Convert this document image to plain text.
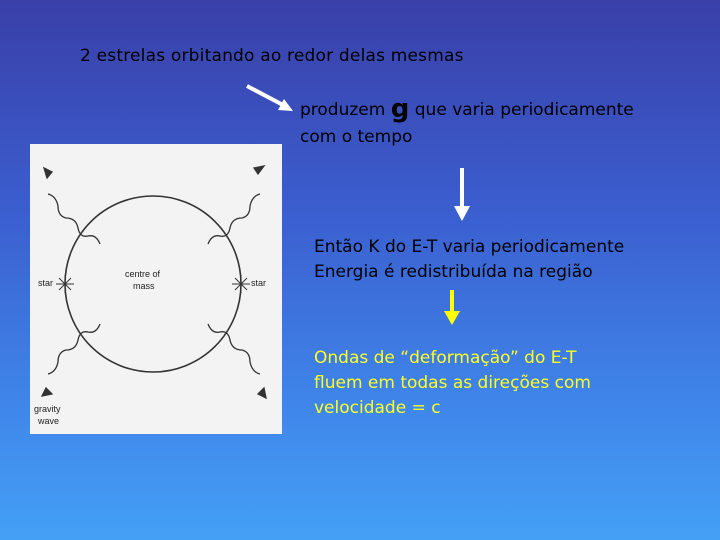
2 estrelas orbitando ao redor delas mesmas
produzem g que varia periodicamente
com o tempo
Então K do E-T varia periodicamente
Energia é redistribuída na região
Ondas de “deformação” do E-T
fluem em todas as direções com
velocidade = c
centre of
mass
star	star
gravity
wave
